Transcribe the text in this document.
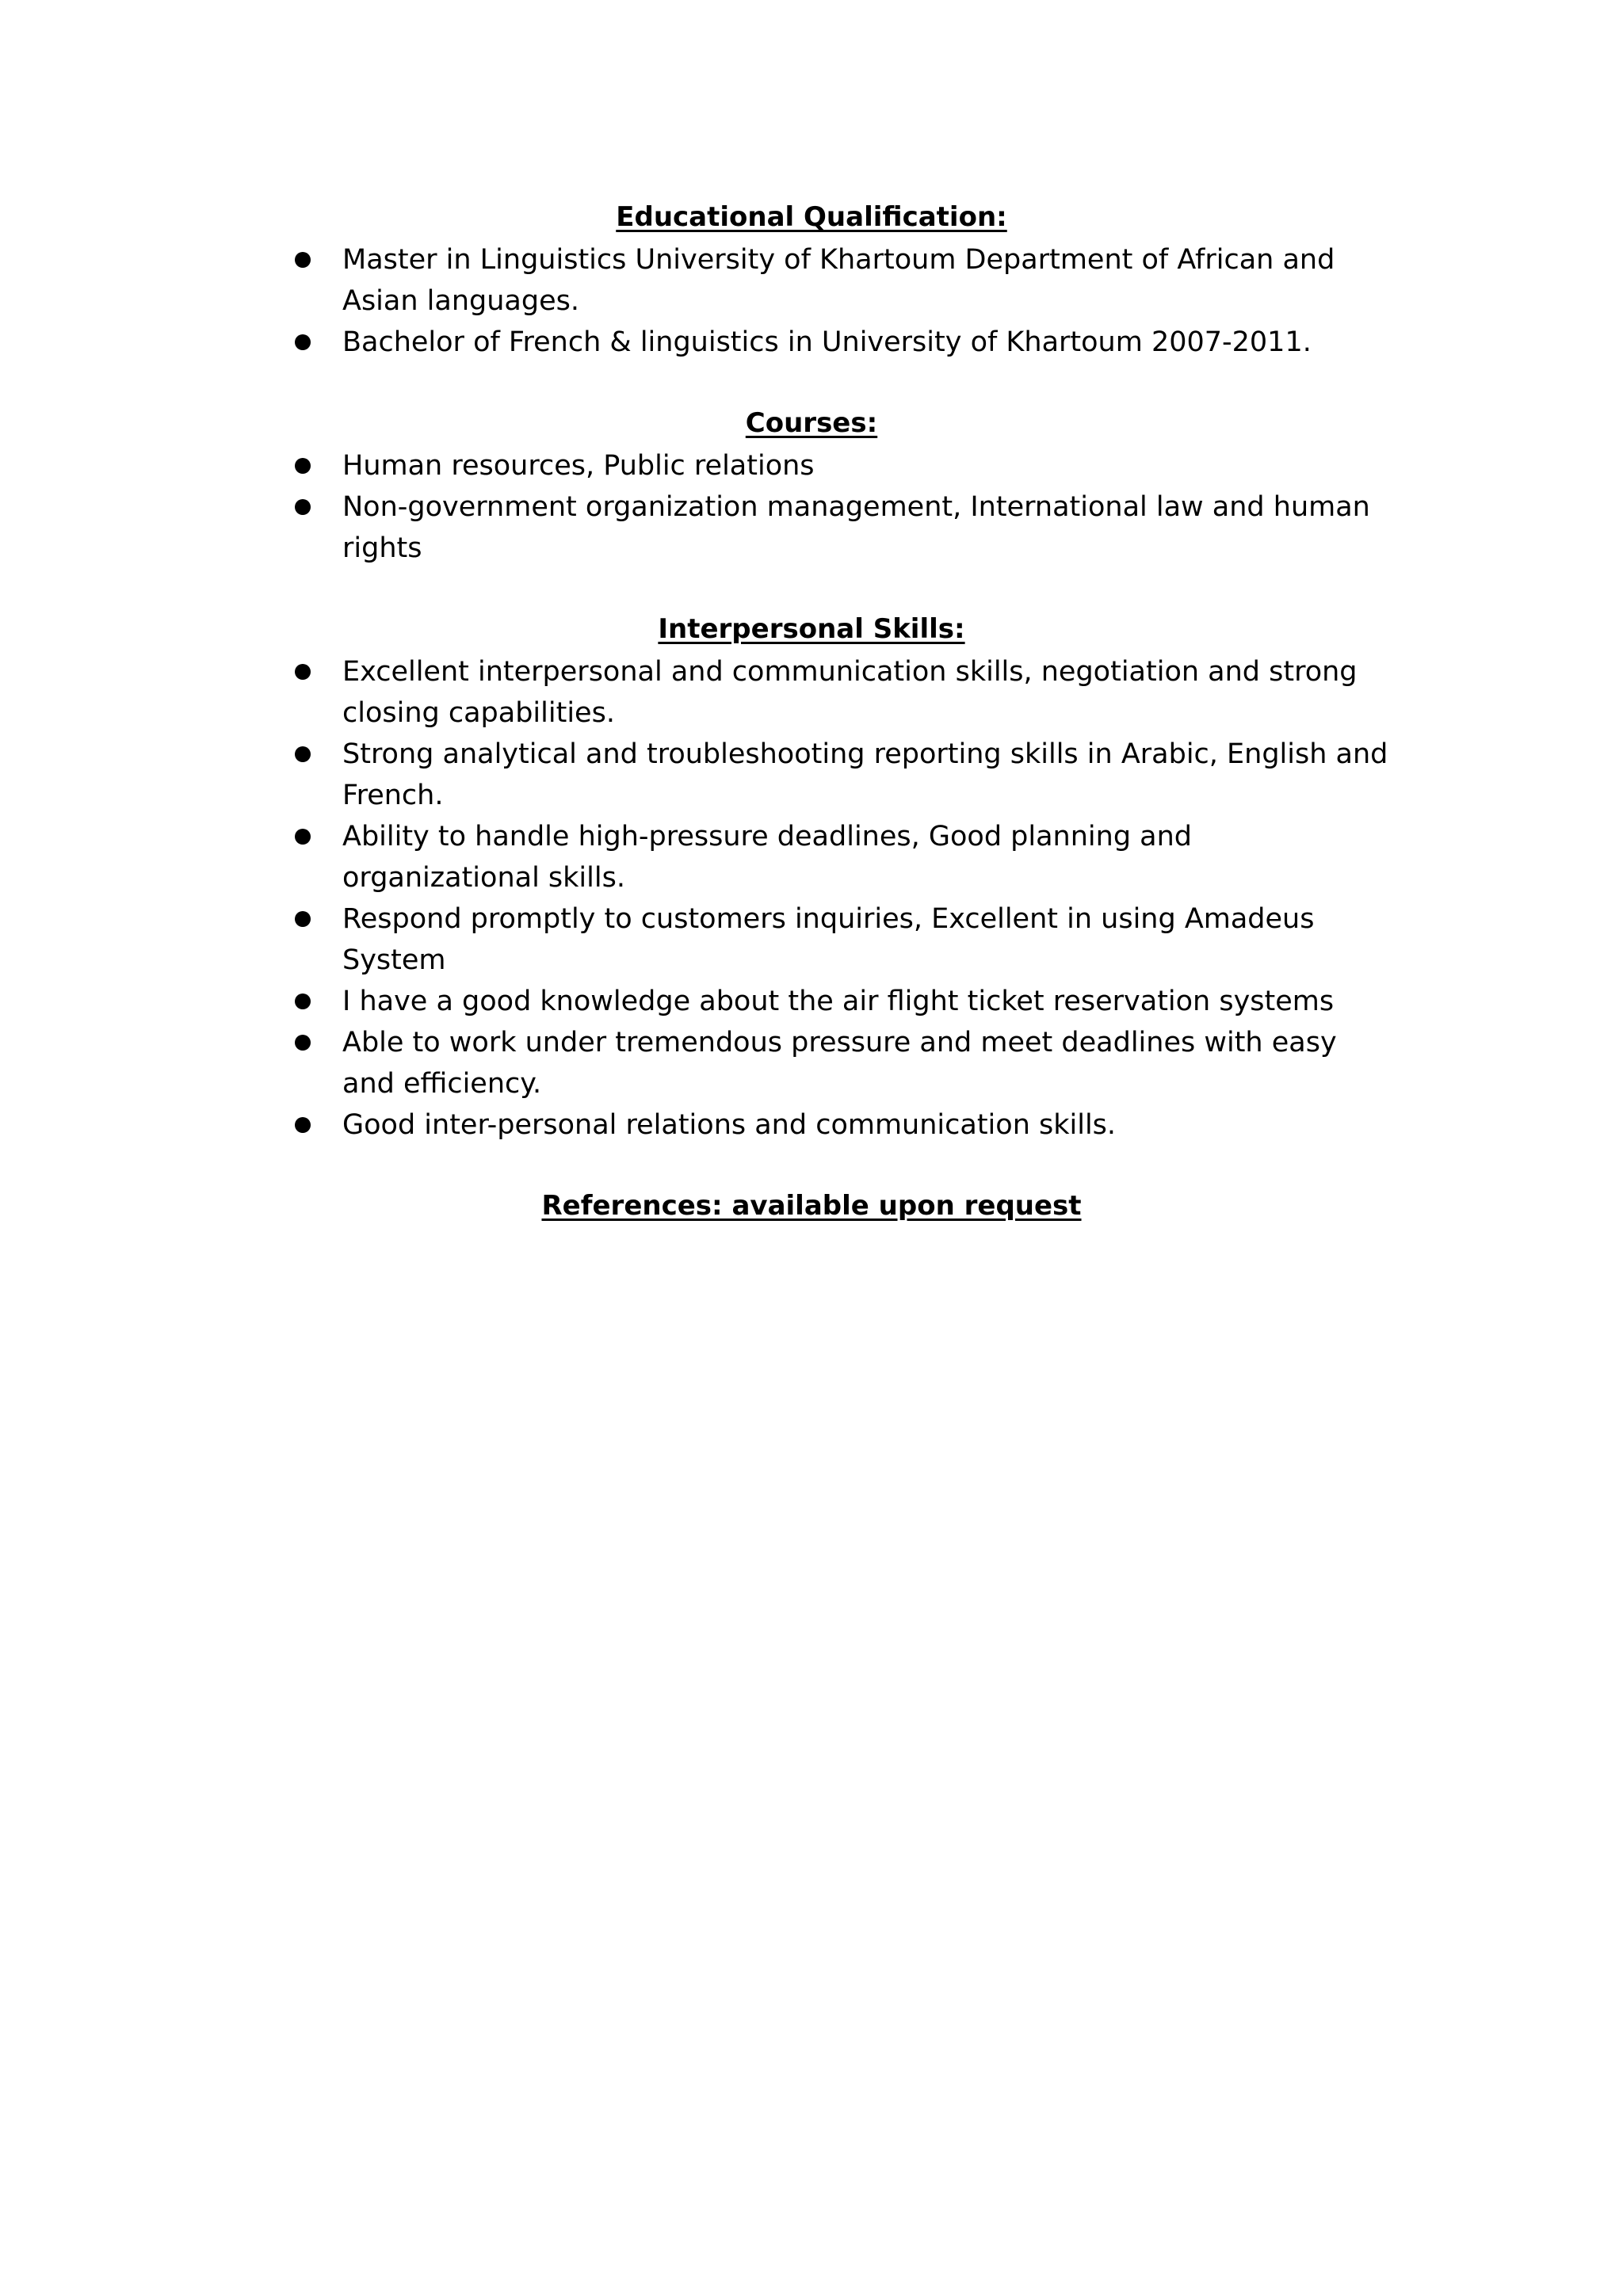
Educational Qualification:
Master in Linguistics University of Khartoum Department of African and Asian languages.
Bachelor of French & linguistics in University of Khartoum 2007-2011.
Courses:
Human resources, Public relations
Non-government organization management, International law and human rights
Interpersonal Skills:
Excellent interpersonal and communication skills, negotiation and strong closing capabilities.
Strong analytical and troubleshooting reporting skills in Arabic, English and French.
Ability to handle high-pressure deadlines, Good planning and organizational skills.
Respond promptly to customers inquiries, Excellent in using Amadeus System
I have a good knowledge about the air flight ticket reservation systems
Able to work under tremendous pressure and meet deadlines with easy and efficiency.
Good inter-personal relations and communication skills.
References: available upon request
